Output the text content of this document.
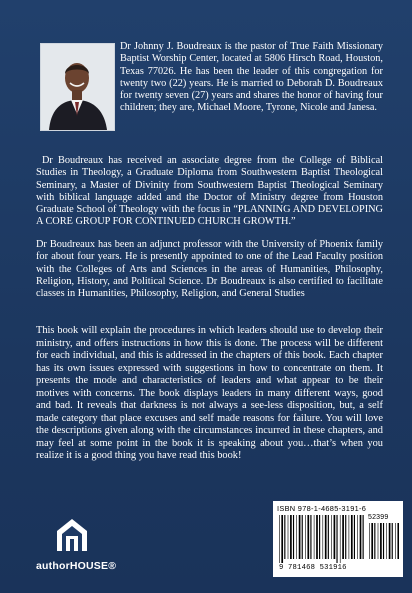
Dr Johnny J. Boudreaux is the pastor of True Faith Missionary Baptist Worship Center, located at 5806 Hirsch Road, Houston, Texas 77026. He has been the leader of this congregation for twenty two (22) years. He is married to Deborah D. Boudreaux for twenty seven (27) years and shares the honor of having four children; they are, Michael Moore, Tyrone, Nicole and Janesa.
Dr Boudreaux has received an associate degree from the College of Biblical Studies in Theology, a Graduate Diploma from Southwestern Baptist Theological Seminary, a Master of Divinity from Southwestern Baptist Theological Seminary with biblical language added and the Doctor of Ministry degree from Houston Graduate School of Theology with the focus in “PLANNING AND DEVELOPING A CORE GROUP FOR CONTINUED CHURCH GROWTH.”
Dr Boudreaux has been an adjunct professor with the University of Phoenix family for about four years. He is presently appointed to one of the Lead Faculty position with the Colleges of Arts and Sciences in the areas of Humanities, Philosophy, Religion, History, and Political Science. Dr Boudreaux is also certified to facilitate classes in Humanities, Philosophy, Religion, and General Studies
This book will explain the procedures in which leaders should use to develop their ministry, and offers instructions in how this is done. The process will be different for each individual, and this is addressed in the chapters of this book. Each chapter has its own issues expressed with suggestions in how to concentrate on them. It presents the mode and characteristics of leaders and what appear to be their motives with concerns. The book displays leaders in many different ways, good and bad. It reveals that darkness is not always a see-less disposition, but, a self made category that place excuses and self made reasons for failure. You will love the descriptions given along with the circumstances incurred in these chapters, and may feel at some point in the book it is speaking about you…that’s when you realize it is a good thing you have read this book!
authorHOUSE®
ISBN 978-1-4685-3191-6
52399
9 781468 531916
